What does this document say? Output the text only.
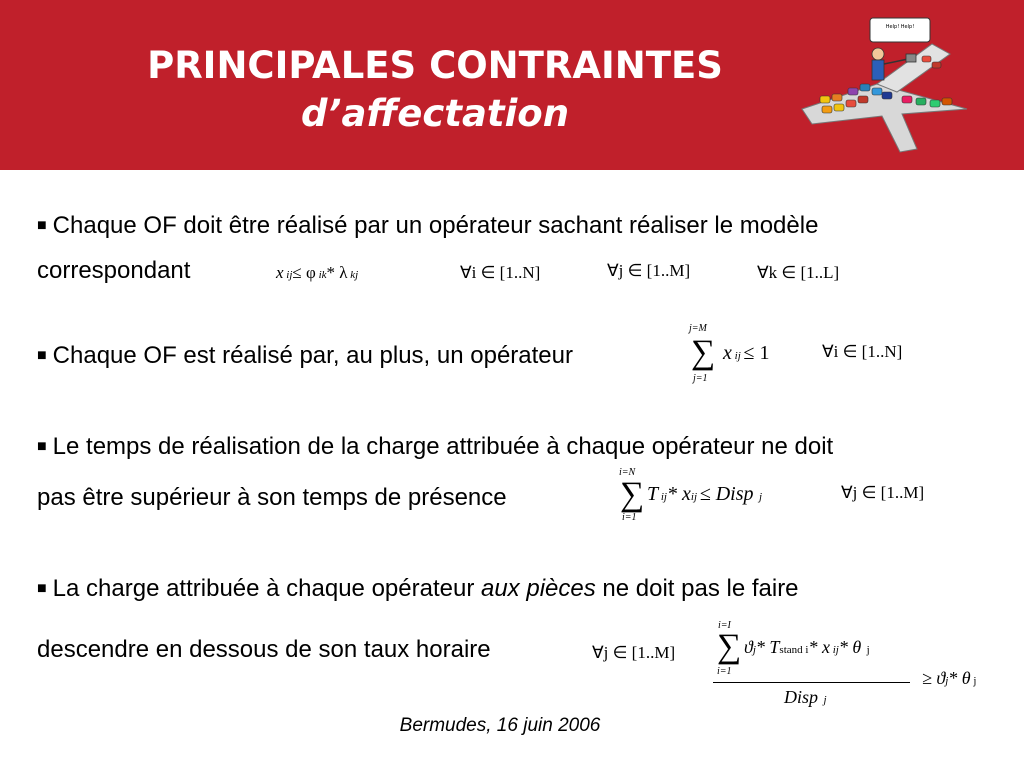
PRINCIPALES CONTRAINTES
d’affectation
Help! Help!
■ Chaque OF doit être réalisé par un opérateur sachant réaliser le modèle
correspondant	x ij≤ φ ik* λ kj	∀i ∈ [1..N]	∀j ∈ [1..M]	∀k ∈ [1..L]
■ Chaque OF est réalisé par, au plus, un opérateur
j=M
∑
j=1
x ij ≤ 1	∀i ∈ [1..N]
■ Le temps de réalisation de la charge attribuée à chaque opérateur ne doit
pas être supérieur à son temps de présence
i=N
∑
i=1
T ij* xij ≤ Disp j	∀j ∈ [1..M]
■ La charge attribuée à chaque opérateur aux pièces ne doit pas le faire
descendre en dessous de son taux horaire	∀j ∈ [1..M]
i=I
∑
i=1
ϑj* Tstand i* x ij* θ j
Disp j
≥ ϑj* θ j
Bermudes, 16 juin 2006
